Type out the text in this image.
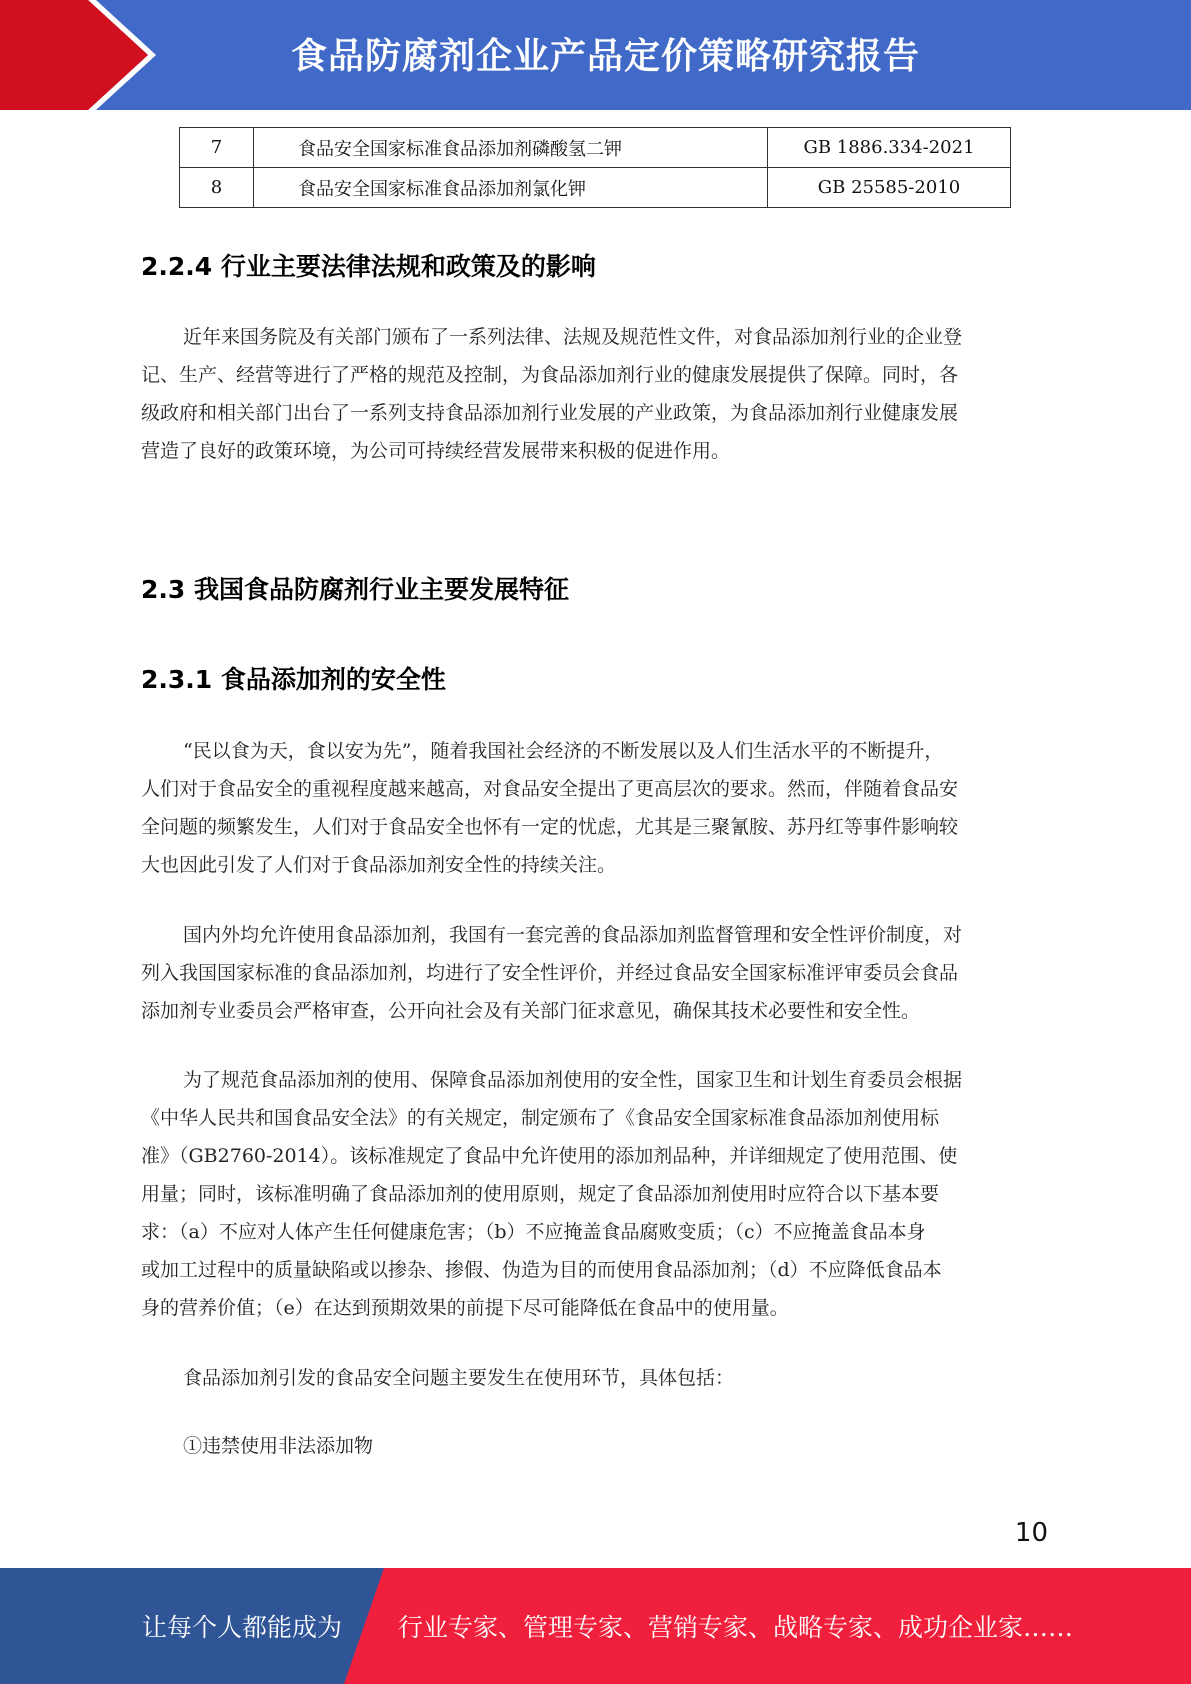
食品防腐剂企业产品定价策略研究报告
7	食品安全国家标准食品添加剂磷酸氢二钾	GB 1886.334-2021
8	食品安全国家标准食品添加剂氯化钾	GB 25585-2010
2.2.4 行业主要法律法规和政策及的影响
近年来国务院及有关部门颁布了一系列法律、法规及规范性文件，对食品添加剂行业的企业登
记、生产、经营等进行了严格的规范及控制，为食品添加剂行业的健康发展提供了保障。同时，各
级政府和相关部门出台了一系列支持食品添加剂行业发展的产业政策，为食品添加剂行业健康发展
营造了良好的政策环境，为公司可持续经营发展带来积极的促进作用。
2.3 我国食品防腐剂行业主要发展特征
2.3.1 食品添加剂的安全性
“民以食为天，食以安为先”，随着我国社会经济的不断发展以及人们生活水平的不断提升，
人们对于食品安全的重视程度越来越高，对食品安全提出了更高层次的要求。然而，伴随着食品安
全问题的频繁发生，人们对于食品安全也怀有一定的忧虑，尤其是三聚氰胺、苏丹红等事件影响较
大也因此引发了人们对于食品添加剂安全性的持续关注。
国内外均允许使用食品添加剂，我国有一套完善的食品添加剂监督管理和安全性评价制度，对
列入我国国家标准的食品添加剂，均进行了安全性评价，并经过食品安全国家标准评审委员会食品
添加剂专业委员会严格审查，公开向社会及有关部门征求意见，确保其技术必要性和安全性。
为了规范食品添加剂的使用、保障食品添加剂使用的安全性，国家卫生和计划生育委员会根据
《中华人民共和国食品安全法》的有关规定，制定颁布了《食品安全国家标准食品添加剂使用标
准》（GB2760-2014）。该标准规定了食品中允许使用的添加剂品种，并详细规定了使用范围、使
用量；同时，该标准明确了食品添加剂的使用原则，规定了食品添加剂使用时应符合以下基本要
求：（a）不应对人体产生任何健康危害；（b）不应掩盖食品腐败变质；（c）不应掩盖食品本身
或加工过程中的质量缺陷或以掺杂、掺假、伪造为目的而使用食品添加剂；（d）不应降低食品本
身的营养价值；（e）在达到预期效果的前提下尽可能降低在食品中的使用量。
食品添加剂引发的食品安全问题主要发生在使用环节，具体包括：
①违禁使用非法添加物
10
让每个人都能成为 行业专家、管理专家、营销专家、战略专家、成功企业家……
